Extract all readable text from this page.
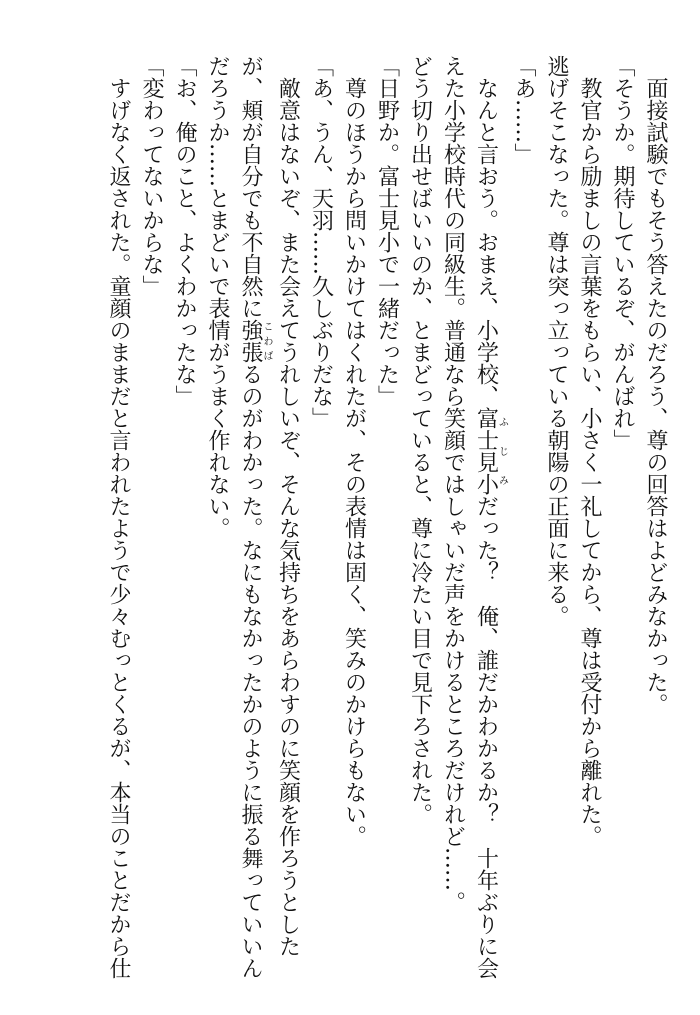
　面接試験でもそう答えたのだろう、尊の回答はよどみなかった。

「そうか。期待しているぞ、がんばれ」

　教官から励ましの言葉をもらい、小さく一礼してから、尊は受付から離れた。

逃げそこなった。尊は突っ立っている朝陽の正面に来る。

「あ……」

　なんと言おう。おまえ、小学校、富士見小ふじみだった？　俺、誰だかわかるか？　十年ぶりに会

えた小学校時代の同級生。普通なら笑顔ではしゃいだ声をかけるところだけれど……。

どう切り出せばいいのか、とまどっていると、尊に冷たい目で見下ろされた。

「日野か。富士見小で一緒だった」

　尊のほうから問いかけてはくれたが、その表情は固く、笑みのかけらもない。

「あ、うん、天羽……久しぶりだな」

　敵意はないぞ、また会えてうれしいぞ、そんな気持ちをあらわすのに笑顔を作ろうとした

が、頬が自分でも不自然に強張こわばるのがわかった。なにもなかったかのように振る舞っていいん

だろうか……とまどいで表情がうまく作れない。

「お、俺のこと、よくわかったな」

「変わってないからな」

　すげなく返された。童顔のままだと言われたようで少々むっとくるが、本当のことだから仕
